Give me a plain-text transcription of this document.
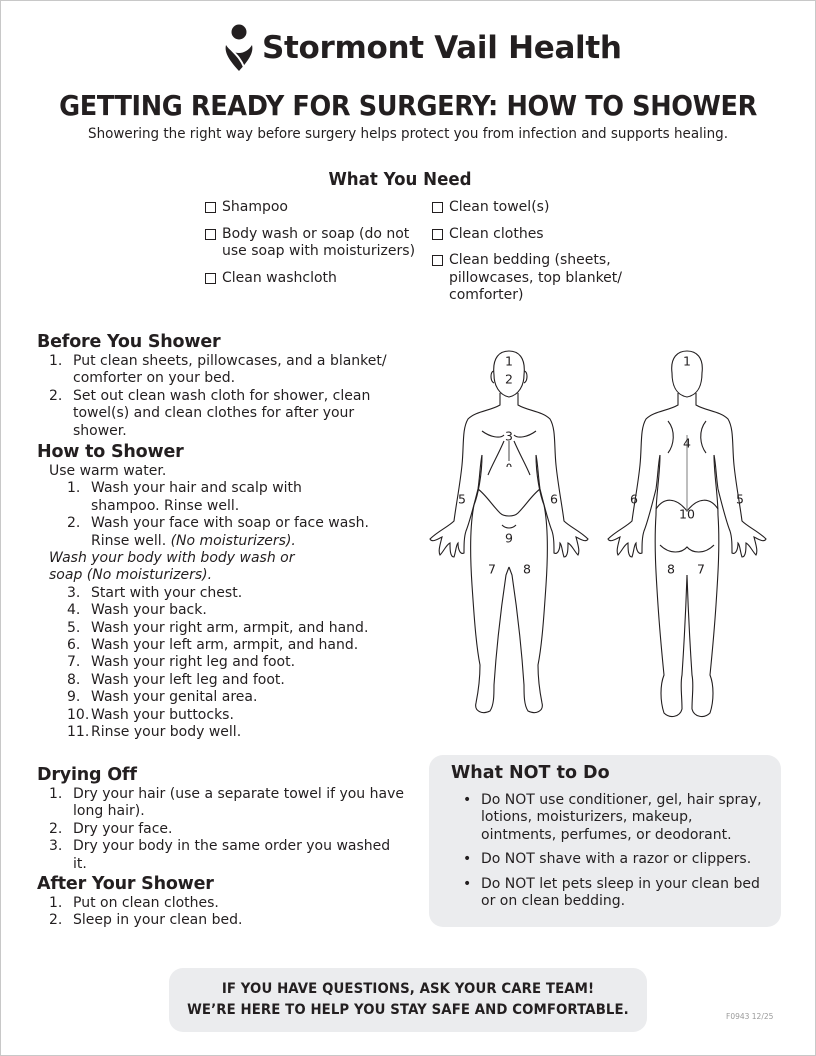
Stormont Vail Health
GETTING READY FOR SURGERY: HOW TO SHOWER
Showering the right way before surgery helps protect you from infection and supports healing.
What You Need
Shampoo
Body wash or soap (do not use soap with moisturizers)
Clean washcloth
Clean towel(s)
Clean clothes
Clean bedding (sheets, pillowcases, top blanket/ comforter)
Before You Shower
1. Put clean sheets, pillowcases, and a blanket/ comforter on your bed.
2. Set out clean wash cloth for shower, clean towel(s) and clean clothes for after your shower.
How to Shower
Use warm water.
1. Wash your hair and scalp with shampoo. Rinse well.
2. Wash your face with soap or face wash. Rinse well. (No moisturizers).
Wash your body with body wash or soap (No moisturizers).
3. Start with your chest.
4. Wash your back.
5. Wash your right arm, armpit, and hand.
6. Wash your left arm, armpit, and hand.
7. Wash your right leg and foot.
8. Wash your left leg and foot.
9. Wash your genital area.
10. Wash your buttocks.
11. Rinse your body well.
Drying Off
1. Dry your hair (use a separate towel if you have long hair).
2. Dry your face.
3. Dry your body in the same order you washed it.
After Your Shower
1. Put on clean clothes.
2. Sleep in your clean bed.
1
2
3
5	6
9
7 8
1
4
6	5
10
8 7
What NOT to Do
• Do NOT use conditioner, gel, hair spray, lotions, moisturizers, makeup, ointments, perfumes, or deodorant.
• Do NOT shave with a razor or clippers.
• Do NOT let pets sleep in your clean bed or on clean bedding.
IF YOU HAVE QUESTIONS, ASK YOUR CARE TEAM!
WE’RE HERE TO HELP YOU STAY SAFE AND COMFORTABLE.	F0943 12/25
